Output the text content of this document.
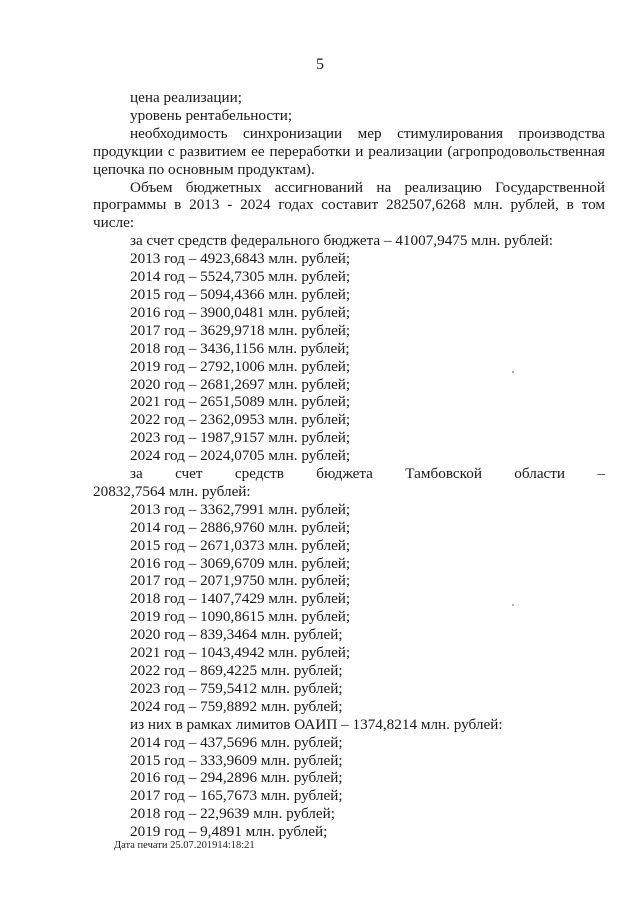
5
цена реализации;
уровень рентабельности;
необходимость синхронизации мер стимулирования производства продукции с развитием ее переработки и реализации (агропродовольственная цепочка по основным продуктам).
Объем бюджетных ассигнований на реализацию Государственной программы в 2013 - 2024 годах составит 282507,6268 млн. рублей, в том числе:
за счет средств федерального бюджета – 41007,9475 млн. рублей:
2013 год – 4923,6843 млн. рублей;
2014 год – 5524,7305 млн. рублей;
2015 год – 5094,4366 млн. рублей;
2016 год – 3900,0481 млн. рублей;
2017 год – 3629,9718 млн. рублей;
2018 год – 3436,1156 млн. рублей;
2019 год – 2792,1006 млн. рублей;
2020 год – 2681,2697 млн. рублей;
2021 год – 2651,5089 млн. рублей;
2022 год – 2362,0953 млн. рублей;
2023 год – 1987,9157 млн. рублей;
2024 год – 2024,0705 млн. рублей;
за счет средств бюджета Тамбовской области –
20832,7564 млн. рублей:
2013 год – 3362,7991 млн. рублей;
2014 год – 2886,9760 млн. рублей;
2015 год – 2671,0373 млн. рублей;
2016 год – 3069,6709 млн. рублей;
2017 год – 2071,9750 млн. рублей;
2018 год – 1407,7429 млн. рублей;
2019 год – 1090,8615 млн. рублей;
2020 год – 839,3464 млн. рублей;
2021 год – 1043,4942 млн. рублей;
2022 год – 869,4225 млн. рублей;
2023 год – 759,5412 млн. рублей;
2024 год – 759,8892 млн. рублей;
из них в рамках лимитов ОАИП – 1374,8214 млн. рублей:
2014 год – 437,5696 млн. рублей;
2015 год – 333,9609 млн. рублей;
2016 год – 294,2896 млн. рублей;
2017 год – 165,7673 млн. рублей;
2018 год – 22,9639 млн. рублей;
2019 год – 9,4891 млн. рублей;
Дата печати 25.07.201914:18:21
